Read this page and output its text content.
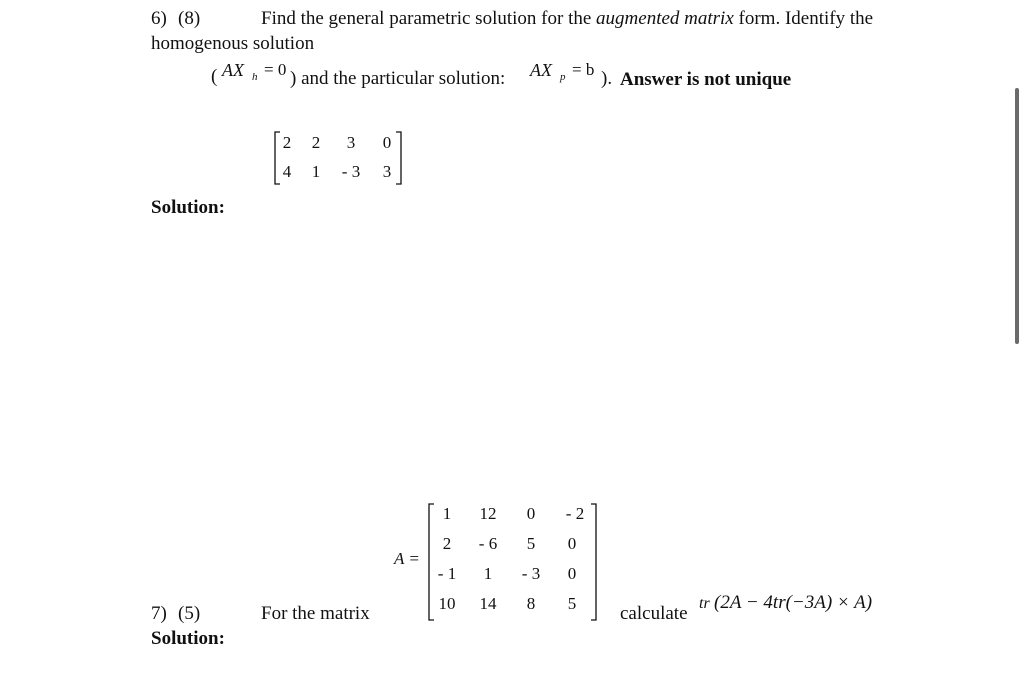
6) (8)	Find the general parametric solution for the augmented matrix form. Identify the
homogenous solution
( AX h = 0 ) and the particular solution: AX p = b ). Answer is not unique
2	2	3	0
4	1	- 3	3
Solution:
A =
1	12	0	- 2
2	- 6	5	0
- 1	1	- 3	0
10	14	8	5
7) (5)	For the matrix	calculate tr (2A − 4tr(−3A) × A)
Solution:
